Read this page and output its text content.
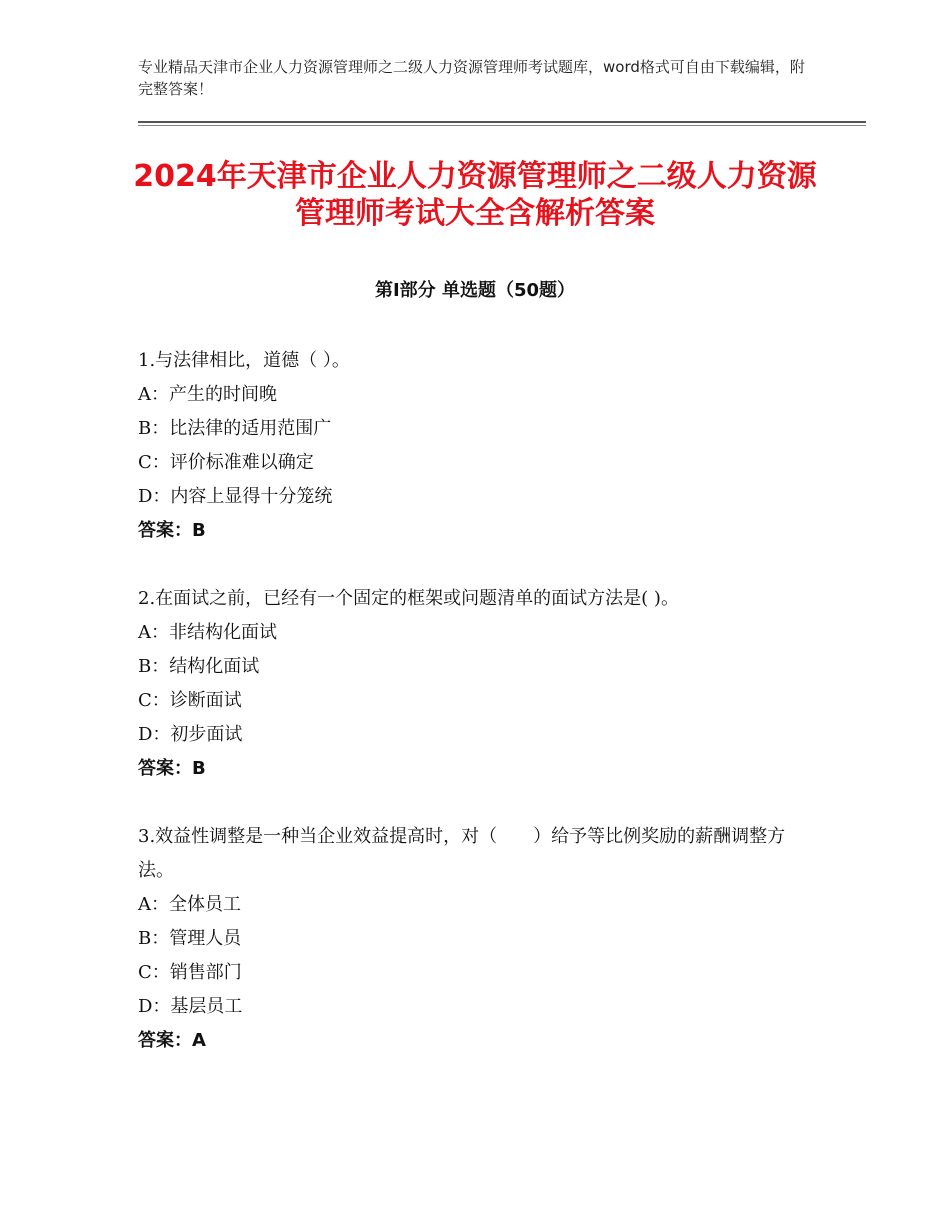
专业精品天津市企业人力资源管理师之二级人力资源管理师考试题库，word格式可自由下载编辑，附完整答案！
2024年天津市企业人力资源管理师之二级人力资源管理师考试大全含解析答案
第Ⅰ部分 单选题（50题）

1.与法律相比，道德（ ）。

A：产生的时间晚

B：比法律的适用范围广

C：评价标准难以确定

D：内容上显得十分笼统

答案：B

2.在面试之前，已经有一个固定的框架或问题清单的面试方法是( )。

A：非结构化面试

B：结构化面试

C：诊断面试

D：初步面试

答案：B

3.效益性调整是一种当企业效益提高时，对（　　）给予等比例奖励的薪酬调整方法。

A：全体员工

B：管理人员

C：销售部门

D：基层员工

答案：A
